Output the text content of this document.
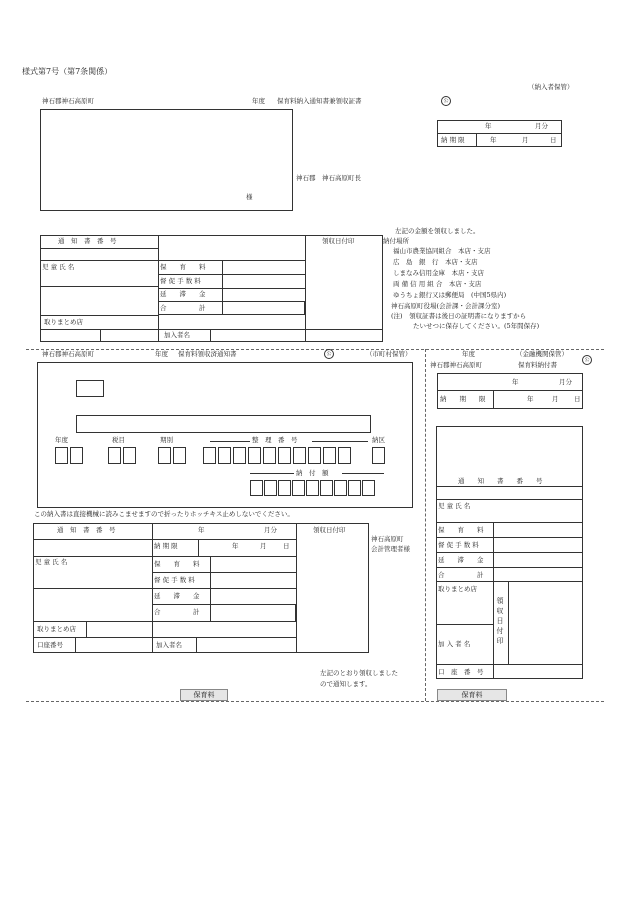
様式第7号（第7条関係）
（納入者保管）
神石郡神石高原町	年度 保育料納入通知書兼領収証書	公
様
神石郡　神石高原町長
年	月分
納 期 限	年	月	日
通　知　書　番　号	領収日付印
児 童 氏 名
取りまとめ店
加入者名
保　　育　　料
督 促 手 数 料
延　　滞　　金
合　　　　　計
左記の金額を領収しました。
納付場所
福山市農業協同組合　本店・支店
広　島　銀　行　本店・支店
しまなみ信用金庫　本店・支店
両 備 信 用 組 合　本店・支店
ゆうちょ銀行又は郵便局　(中国5県内)
神石高原町役場(会計課・会計課分室)
(注)　領収証書は後日の証明書になりますから
たいせつに保存してください。(5年間保存)
神石郡神石高原町	年度 保育料領収済通知書	公	（市町村保管）
年度	税目	期別	整　理　番　号	納区
納　付　額
この納入書は直接機械に読みこませますので折ったりホッチキス止めしないでください。
通　知　書　番　号	年	月分	領収日付印
児 童 氏 名
納 期 限	年	月	日
保　　育　　料
督 促 手 数 料
延　　滞　　金
合　　　　　計
取りまとめ店
口座番号	加入者名
神石高原町
会計管理者様
左記のとおり領収しました
ので通知します。
保育料
年度	（金融機関保管）
公
神石郡神石高原町	保育料納付書
年	月分
納　　期　　限	年	月 日
通　　知　　書　　番　　号
児 童 氏 名
保　　育　　料
督 促 手 数 料
延　　滞　　金
合　　　　　計
取りまとめ店
領収日付印
加 入 者 名
口　座　番　号
保育料
